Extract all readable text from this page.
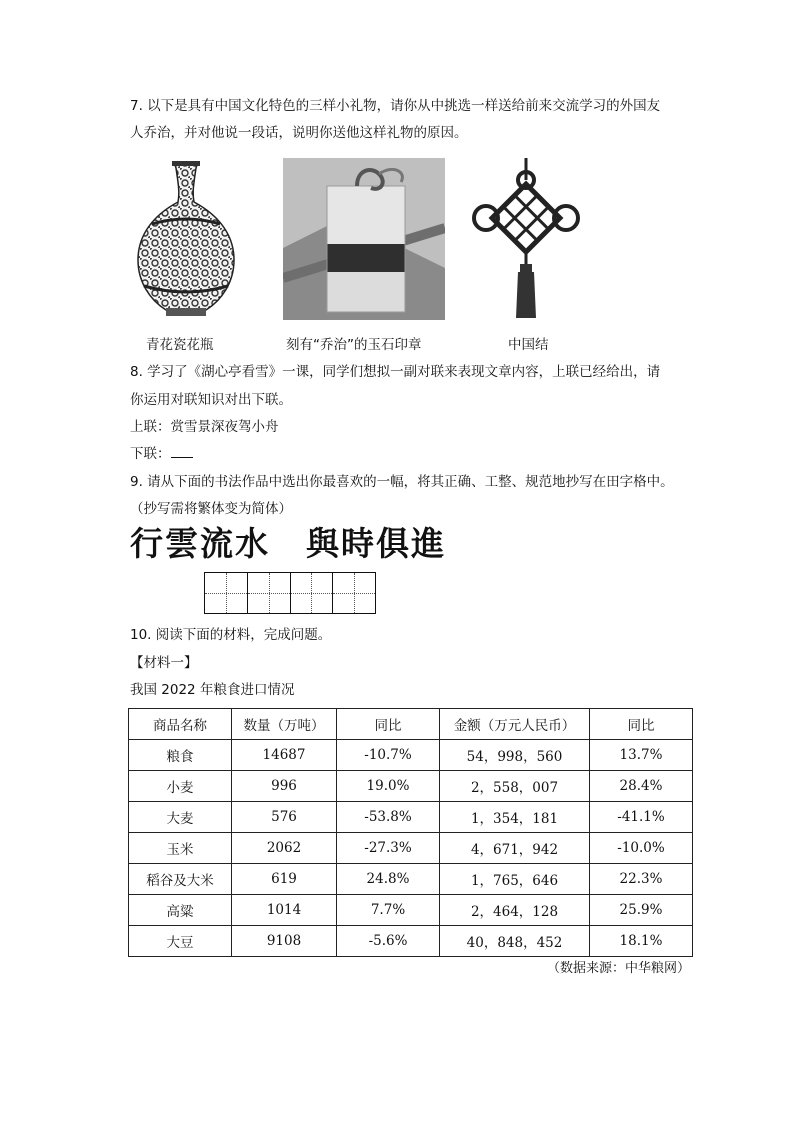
7. 以下是具有中国文化特色的三样小礼物，请你从中挑选一样送给前来交流学习的外国友
人乔治，并对他说一段话，说明你送他这样礼物的原因。
青花瓷花瓶	刻有“乔治”的玉石印章	中国结
8. 学习了《湖心亭看雪》一课，同学们想拟一副对联来表现文章内容，上联已经给出，请
你运用对联知识对出下联。
上联：赏雪景深夜驾小舟
下联：
9. 请从下面的书法作品中选出你最喜欢的一幅，将其正确、工整、规范地抄写在田字格中。
（抄写需将繁体变为简体）
行雲流水 與時俱進
10. 阅读下面的材料，完成问题。
【材料一】
我国 2022 年粮食进口情况
商品名称	数量（万吨）	同比	金额（万元人民币）	同比
粮食	14687	-10.7%	54，998，560	13.7%
小麦	996	19.0%	2，558，007	28.4%
大麦	576	-53.8%	1，354，181	-41.1%
玉米	2062	-27.3%	4，671，942	-10.0%
稻谷及大米	619	24.8%	1，765，646	22.3%
高粱	1014	7.7%	2，464，128	25.9%
大豆	9108	-5.6%	40，848，452	18.1%
（数据来源：中华粮网）
